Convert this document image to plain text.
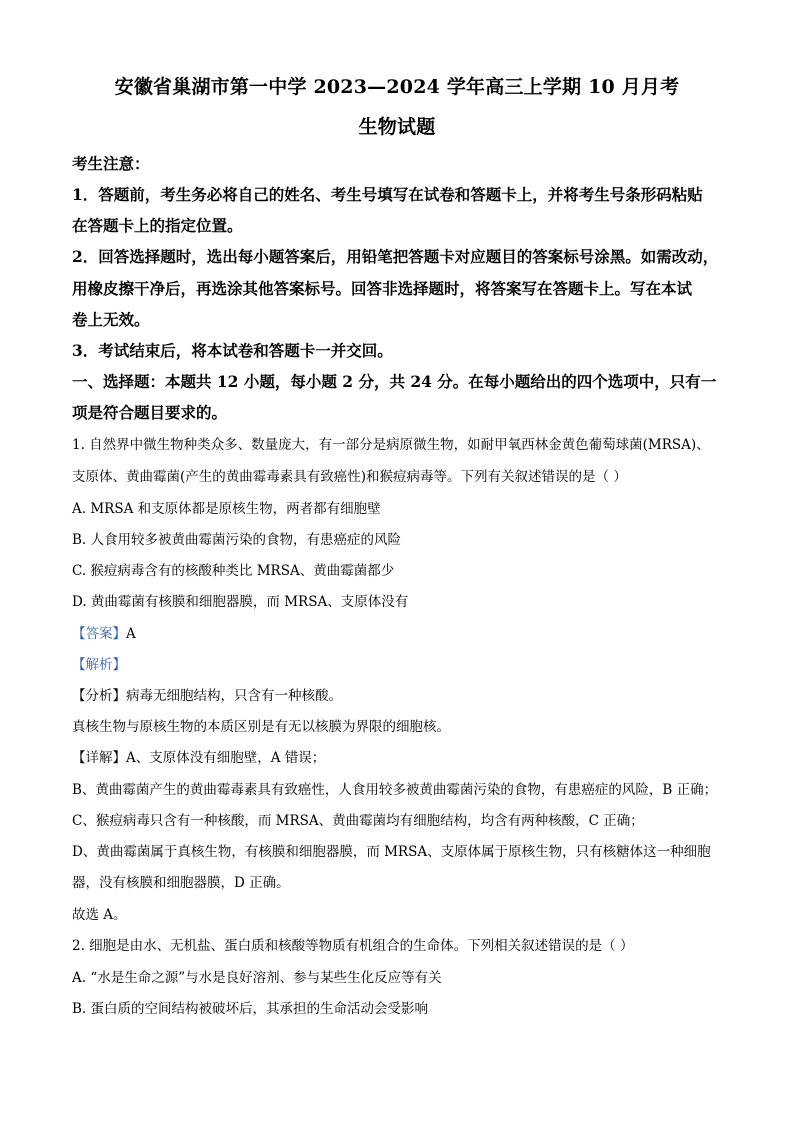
安徽省巢湖市第一中学 2023—2024 学年高三上学期 10 月月考
生物试题
考生注意：
1．答题前，考生务必将自己的姓名、考生号填写在试卷和答题卡上，并将考生号条形码粘贴
在答题卡上的指定位置。
2．回答选择题时，选出每小题答案后，用铅笔把答题卡对应题目的答案标号涂黑。如需改动，
用橡皮擦干净后，再选涂其他答案标号。回答非选择题时，将答案写在答题卡上。写在本试
卷上无效。
3．考试结束后，将本试卷和答题卡一并交回。
一、选择题：本题共 12 小题，每小题 2 分，共 24 分。在每小题给出的四个选项中，只有一
项是符合题目要求的。
1. 自然界中微生物种类众多、数量庞大，有一部分是病原微生物，如耐甲氧西林金黄色葡萄球菌(MRSA)、
支原体、黄曲霉菌(产生的黄曲霉毒素具有致癌性)和猴痘病毒等。下列有关叙述错误的是（ ）
A. MRSA 和支原体都是原核生物，两者都有细胞壁
B. 人食用较多被黄曲霉菌污染的食物，有患癌症的风险
C. 猴痘病毒含有的核酸种类比 MRSA、黄曲霉菌都少
D. 黄曲霉菌有核膜和细胞器膜，而 MRSA、支原体没有
【答案】A
【解析】
【分析】病毒无细胞结构，只含有一种核酸。
真核生物与原核生物的本质区别是有无以核膜为界限的细胞核。
【详解】A、支原体没有细胞壁，A 错误；
B、黄曲霉菌产生的黄曲霉毒素具有致癌性，人食用较多被黄曲霉菌污染的食物，有患癌症的风险，B 正确；
C、猴痘病毒只含有一种核酸，而 MRSA、黄曲霉菌均有细胞结构，均含有两种核酸，C 正确；
D、黄曲霉菌属于真核生物，有核膜和细胞器膜，而 MRSA、支原体属于原核生物，只有核糖体这一种细胞
器，没有核膜和细胞器膜，D 正确。
故选 A。
2. 细胞是由水、无机盐、蛋白质和核酸等物质有机组合的生命体。下列相关叙述错误的是（ ）
A. “水是生命之源”与水是良好溶剂、参与某些生化反应等有关
B. 蛋白质的空间结构被破坏后，其承担的生命活动会受影响
